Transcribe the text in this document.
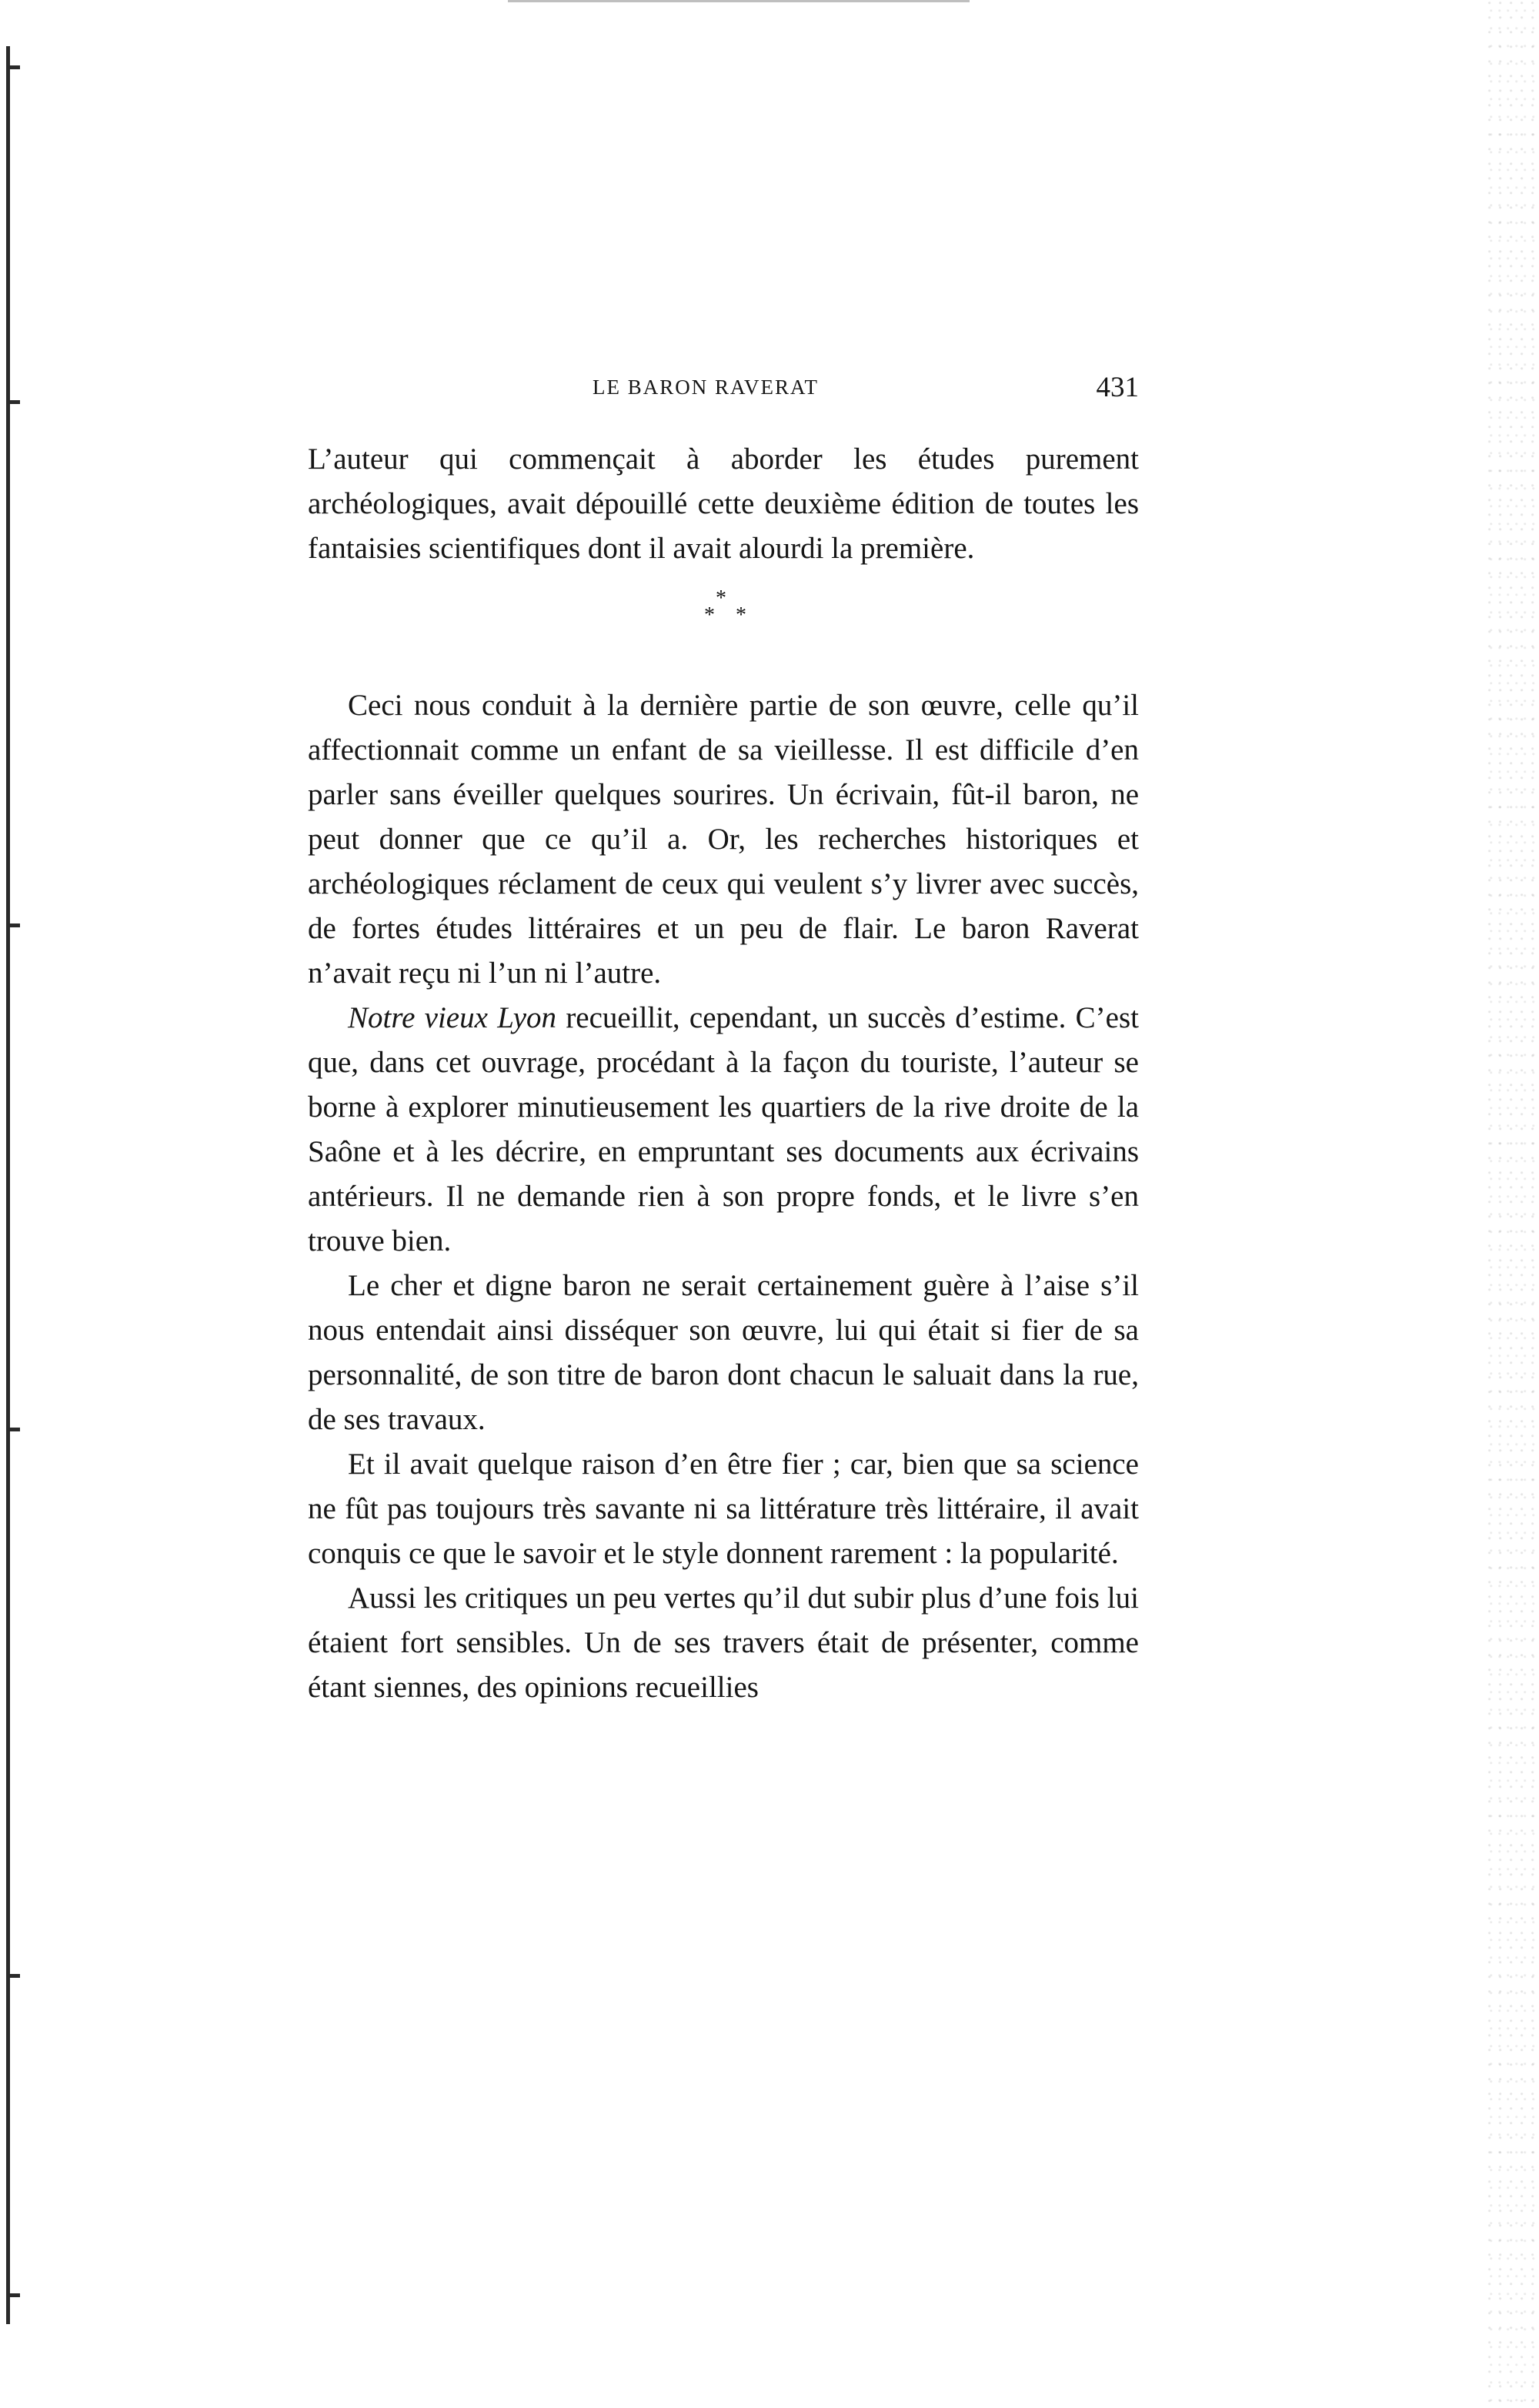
LE BARON RAVERAT	431

L’auteur qui commençait à aborder les études purement archéologiques, avait dépouillé cette deuxième édition de toutes les fantaisies scientifiques dont il avait alourdi la première.

*
* *

Ceci nous conduit à la dernière partie de son œuvre, celle qu’il affectionnait comme un enfant de sa vieillesse. Il est difficile d’en parler sans éveiller quelques sourires. Un écrivain, fût-il baron, ne peut donner que ce qu’il a. Or, les recherches historiques et archéologiques réclament de ceux qui veulent s’y livrer avec succès, de fortes études littéraires et un peu de flair. Le baron Raverat n’avait reçu ni l’un ni l’autre.

Notre vieux Lyon recueillit, cependant, un succès d’estime. C’est que, dans cet ouvrage, procédant à la façon du touriste, l’auteur se borne à explorer minutieusement les quartiers de la rive droite de la Saône et à les décrire, en empruntant ses documents aux écrivains antérieurs. Il ne demande rien à son propre fonds, et le livre s’en trouve bien.

Le cher et digne baron ne serait certainement guère à l’aise s’il nous entendait ainsi disséquer son œuvre, lui qui était si fier de sa personnalité, de son titre de baron dont chacun le saluait dans la rue, de ses travaux.

Et il avait quelque raison d’en être fier ; car, bien que sa science ne fût pas toujours très savante ni sa littérature très littéraire, il avait conquis ce que le savoir et le style donnent rarement : la popularité.

Aussi les critiques un peu vertes qu’il dut subir plus d’une fois lui étaient fort sensibles. Un de ses travers était de présenter, comme étant siennes, des opinions recueillies
